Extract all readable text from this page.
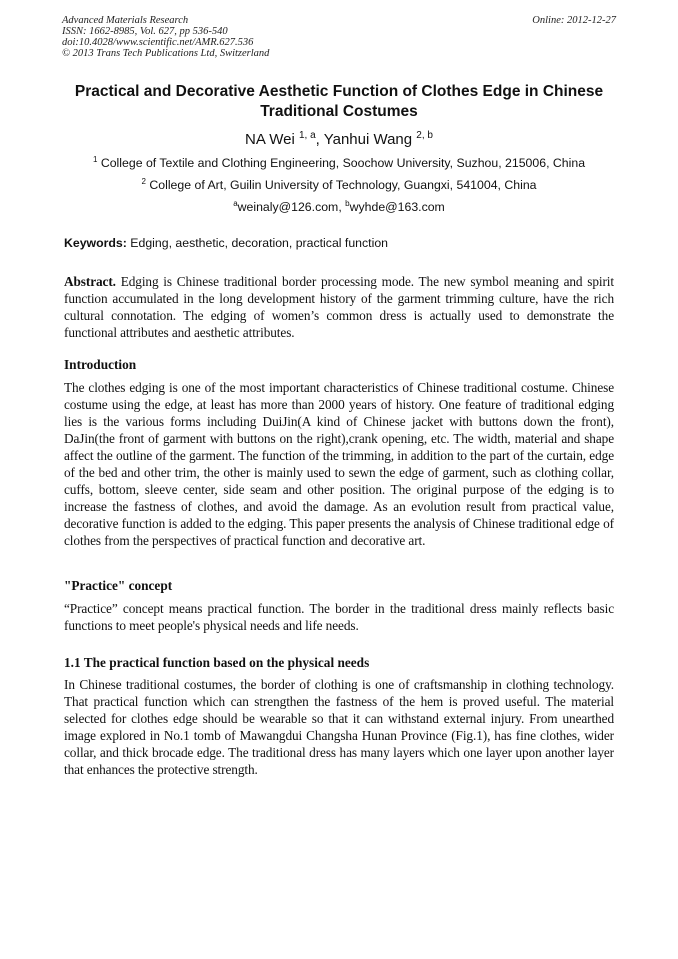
Advanced Materials Research
ISSN: 1662-8985, Vol. 627, pp 536-540
doi:10.4028/www.scientific.net/AMR.627.536
© 2013 Trans Tech Publications Ltd, Switzerland
Online: 2012-12-27
Practical and Decorative Aesthetic Function of Clothes Edge in Chinese Traditional Costumes
NA Wei $^{1, a}$, Yanhui Wang $^{2, b}$
$^1$ College of Textile and Clothing Engineering, Soochow University, Suzhou, 215006, China
$^2$ College of Art, Guilin University of Technology, Guangxi, 541004, China
$^a$weinaly@126.com, $^b$wyhde@163.com
Keywords: Edging, aesthetic, decoration, practical function
Abstract. Edging is Chinese traditional border processing mode. The new symbol meaning and spirit function accumulated in the long development history of the garment trimming culture, have the rich cultural connotation. The edging of women’s common dress is actually used to demonstrate the functional attributes and aesthetic attributes.
Introduction
The clothes edging is one of the most important characteristics of Chinese traditional costume. Chinese costume using the edge, at least has more than 2000 years of history. One feature of traditional edging lies is the various forms including DuiJin(A kind of Chinese jacket with buttons down the front), DaJin(the front of garment with buttons on the right),crank opening, etc. The width, material and shape affect the outline of the garment. The function of the trimming, in addition to the part of the curtain, edge of the bed and other trim, the other is mainly used to sewn the edge of garment, such as clothing collar, cuffs, bottom, sleeve center, side seam and other position. The original purpose of the edging is to increase the fastness of clothes, and avoid the damage. As an evolution result from practical value, decorative function is added to the edging. This paper presents the analysis of Chinese traditional edge of clothes from the perspectives of practical function and decorative art.
"Practice" concept
“Practice” concept means practical function. The border in the traditional dress mainly reflects basic functions to meet people's physical needs and life needs.
1.1 The practical function based on the physical needs
In Chinese traditional costumes, the border of clothing is one of craftsmanship in clothing technology. That practical function which can strengthen the fastness of the hem is proved useful. The material selected for clothes edge should be wearable so that it can withstand external injury. From unearthed image explored in No.1 tomb of Mawangdui Changsha Hunan Province (Fig.1), has fine clothes, wider collar, and thick brocade edge. The traditional dress has many layers which one layer upon another layer that enhances the protective strength.
